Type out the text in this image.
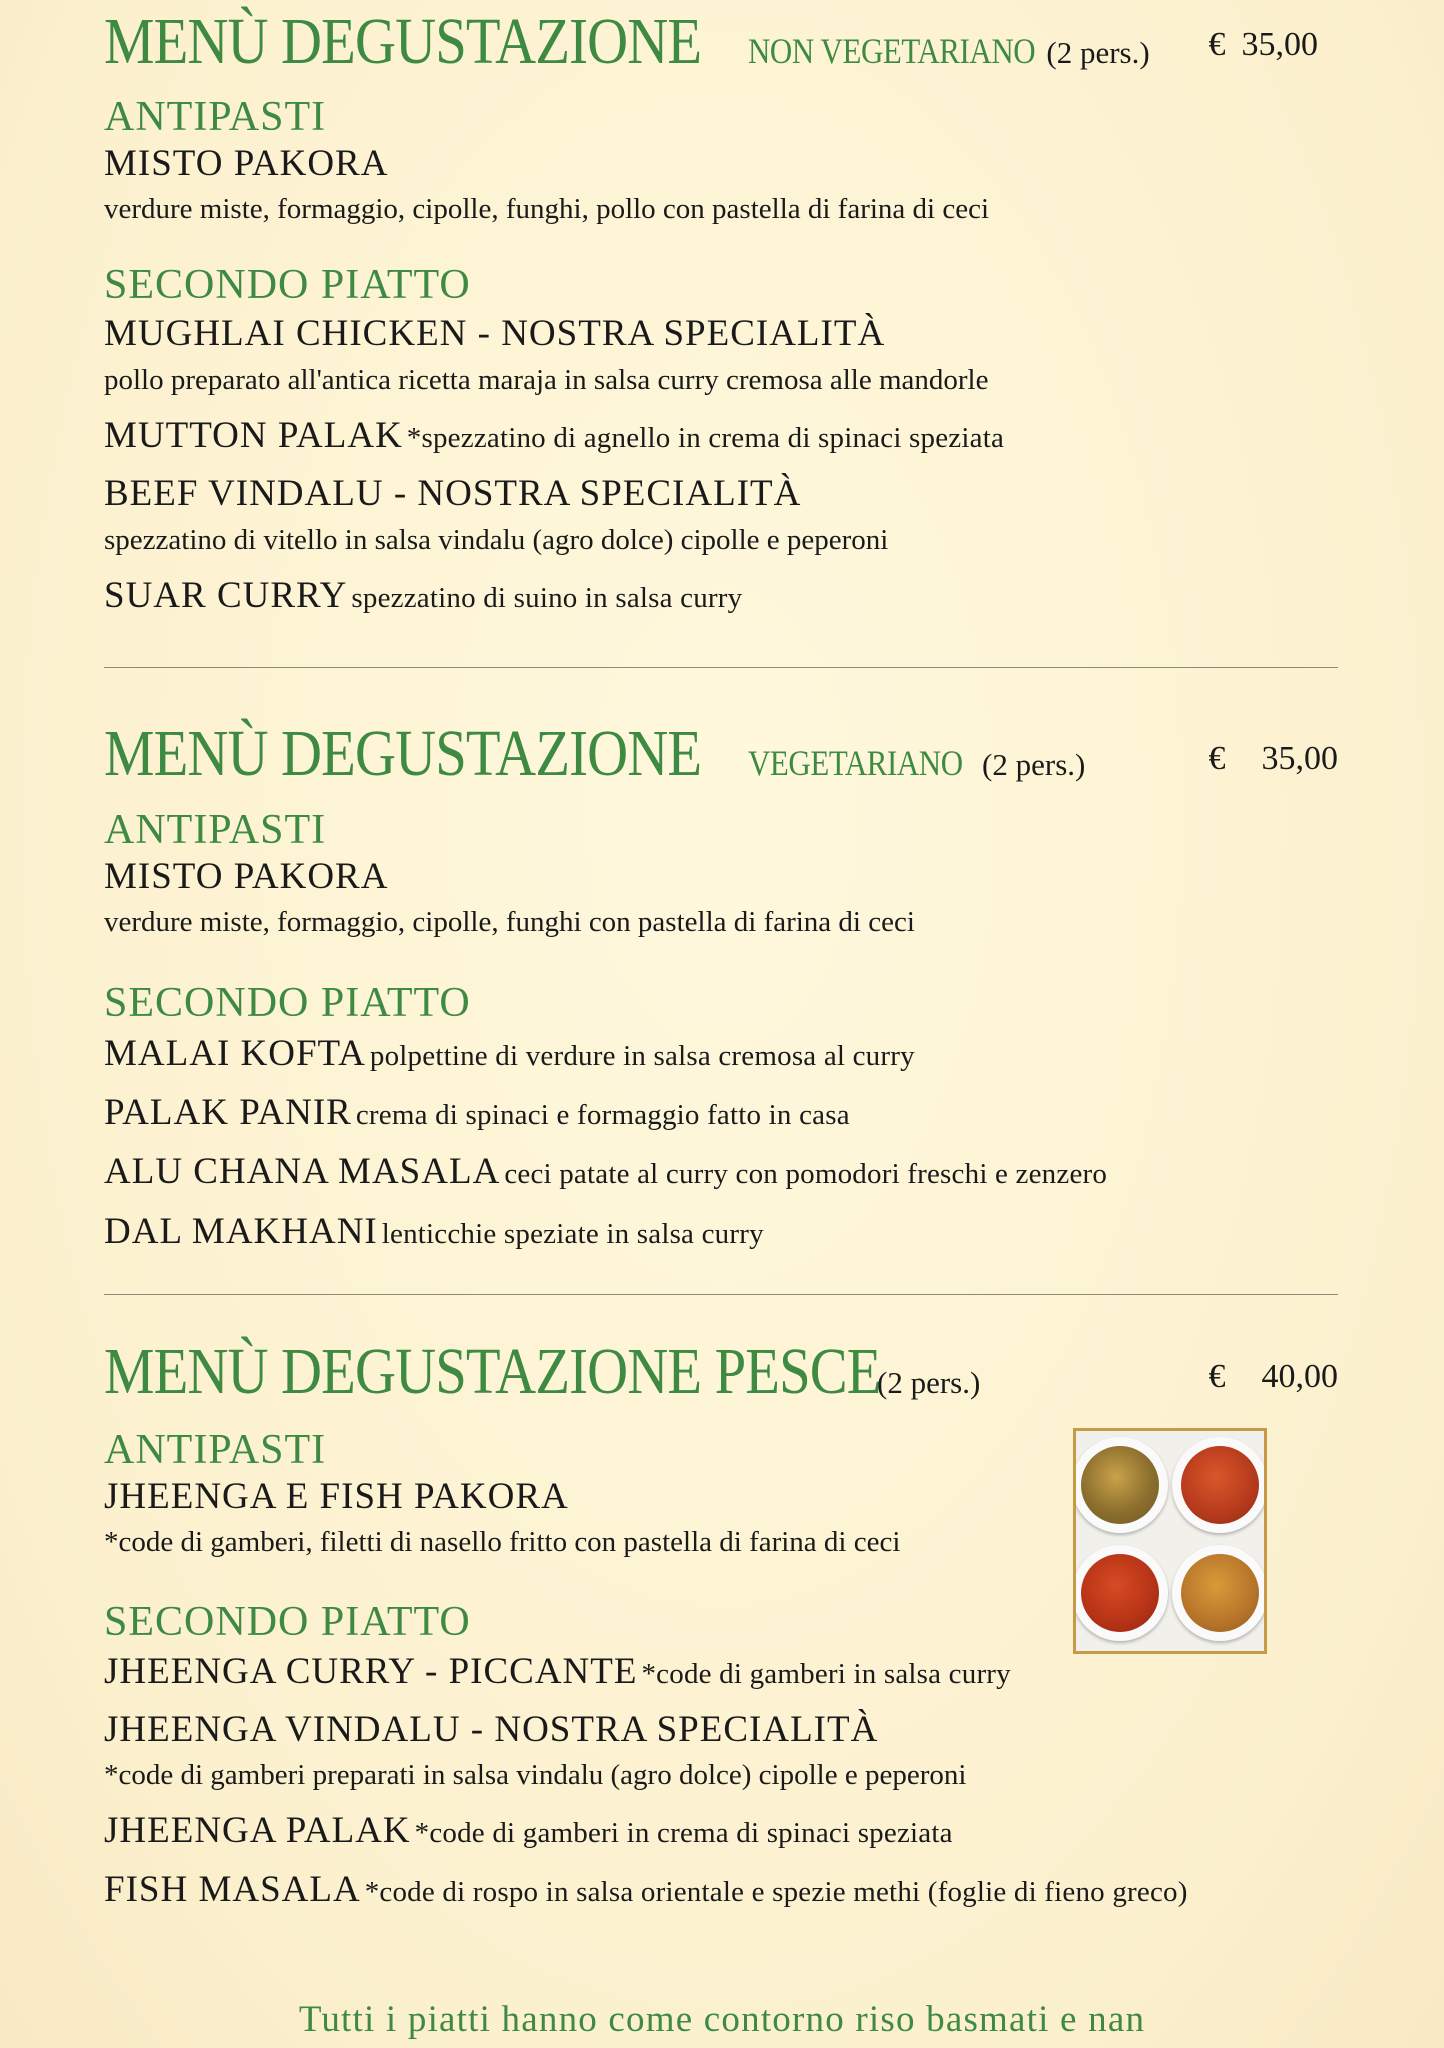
MENÙ DEGUSTAZIONE NON VEGETARIANO (2 pers.) € 35,00
ANTIPASTI
MISTO PAKORA
verdure miste, formaggio, cipolle, funghi, pollo con pastella di farina di ceci
SECONDO PIATTO
MUGHLAI CHICKEN - NOSTRA SPECIALITÀ
pollo preparato all'antica ricetta maraja in salsa curry cremosa alle mandorle
MUTTON PALAK *spezzatino di agnello in crema di spinaci speziata
BEEF VINDALU - NOSTRA SPECIALITÀ
spezzatino di vitello in salsa vindalu (agro dolce) cipolle e peperoni
SUAR CURRY spezzatino di suino in salsa curry
MENÙ DEGUSTAZIONE VEGETARIANO (2 pers.)	€ 35,00
ANTIPASTI
MISTO PAKORA
verdure miste, formaggio, cipolle, funghi con pastella di farina di ceci
SECONDO PIATTO
MALAI KOFTA polpettine di verdure in salsa cremosa al curry
PALAK PANIR crema di spinaci e formaggio fatto in casa
ALU CHANA MASALA ceci patate al curry con pomodori freschi e zenzero
DAL MAKHANI lenticchie speziate in salsa curry
MENÙ DEGUSTAZIONE PESCE
(2 pers.)	€ 40,00
ANTIPASTI
JHEENGA E FISH PAKORA
*code di gamberi, filetti di nasello fritto con pastella di farina di ceci
SECONDO PIATTO
JHEENGA CURRY - PICCANTE *code di gamberi in salsa curry
JHEENGA VINDALU - NOSTRA SPECIALITÀ
*code di gamberi preparati in salsa vindalu (agro dolce) cipolle e peperoni
JHEENGA PALAK *code di gamberi in crema di spinaci speziata
FISH MASALA *code di rospo in salsa orientale e spezie methi (foglie di fieno greco)
Tutti i piatti hanno come contorno riso basmati e nan
